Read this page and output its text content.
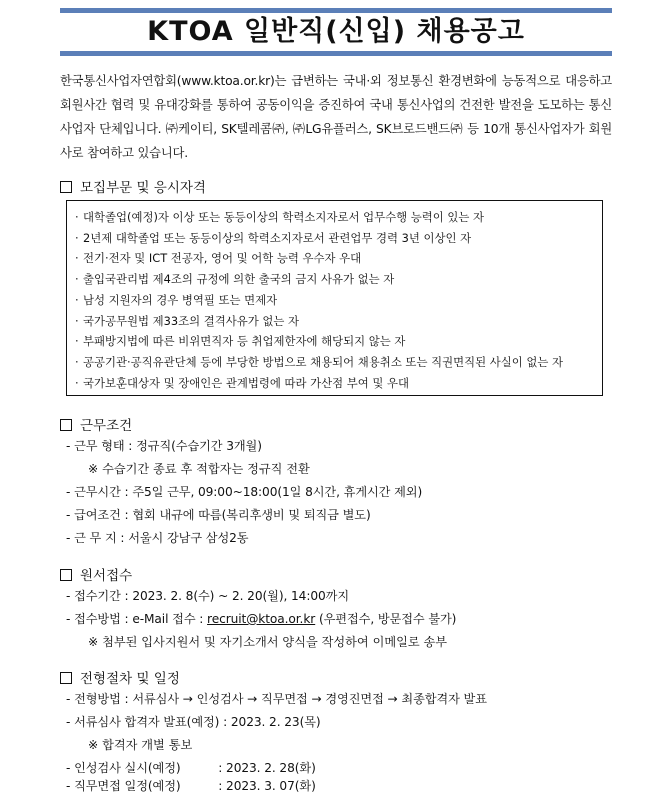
KTOA 일반직(신입) 채용공고
한국통신사업자연합회(www.ktoa.or.kr)는 급변하는 국내·외 정보통신 환경변화에 능동적으로 대응하고 회원사간 협력 및 유대강화를 통하여 공동이익을 증진하여 국내 통신사업의 건전한 발전을 도모하는 통신사업자 단체입니다. ㈜케이티, SK텔레콤㈜, ㈜LG유플러스, SK브로드밴드㈜ 등 10개 통신사업자가 회원사로 참여하고 있습니다.
모집부문 및 응시자격
· 대학졸업(예정)자 이상 또는 동등이상의 학력소지자로서 업무수행 능력이 있는 자
· 2년제 대학졸업 또는 동등이상의 학력소지자로서 관련업무 경력 3년 이상인 자
· 전기·전자 및 ICT 전공자, 영어 및 어학 능력 우수자 우대
· 출입국관리법 제4조의 규정에 의한 출국의 금지 사유가 없는 자
· 남성 지원자의 경우 병역필 또는 면제자
· 국가공무원법 제33조의 결격사유가 없는 자
· 부패방지법에 따른 비위면직자 등 취업제한자에 해당되지 않는 자
· 공공기관·공직유관단체 등에 부당한 방법으로 채용되어 채용취소 또는 직권면직된 사실이 없는 자
· 국가보훈대상자 및 장애인은 관계법령에 따라 가산점 부여 및 우대
근무조건
- 근무 형태 : 정규직(수습기간 3개월)
※ 수습기간 종료 후 적합자는 정규직 전환
- 근무시간 : 주5일 근무, 09:00~18:00(1일 8시간, 휴게시간 제외)
- 급여조건 : 협회 내규에 따름(복리후생비 및 퇴직금 별도)
- 근 무 지 : 서울시 강남구 삼성2동
원서접수
- 접수기간 : 2023. 2. 8(수) ~ 2. 20(월), 14:00까지
- 접수방법 : e-Mail 접수 : recruit@ktoa.or.kr (우편접수, 방문접수 불가)
※ 첨부된 입사지원서 및 자기소개서 양식을 작성하여 이메일로 송부
전형절차 및 일정
- 전형방법 : 서류심사 → 인성검사 → 직무면접 → 경영진면접 → 최종합격자 발표
- 서류심사 합격자 발표(예정) : 2023. 2. 23(목)
※ 합격자 개별 통보
- 인성검사 실시(예정)          : 2023. 2. 28(화)
- 직무면접 일정(예정)          : 2023. 3. 07(화)
